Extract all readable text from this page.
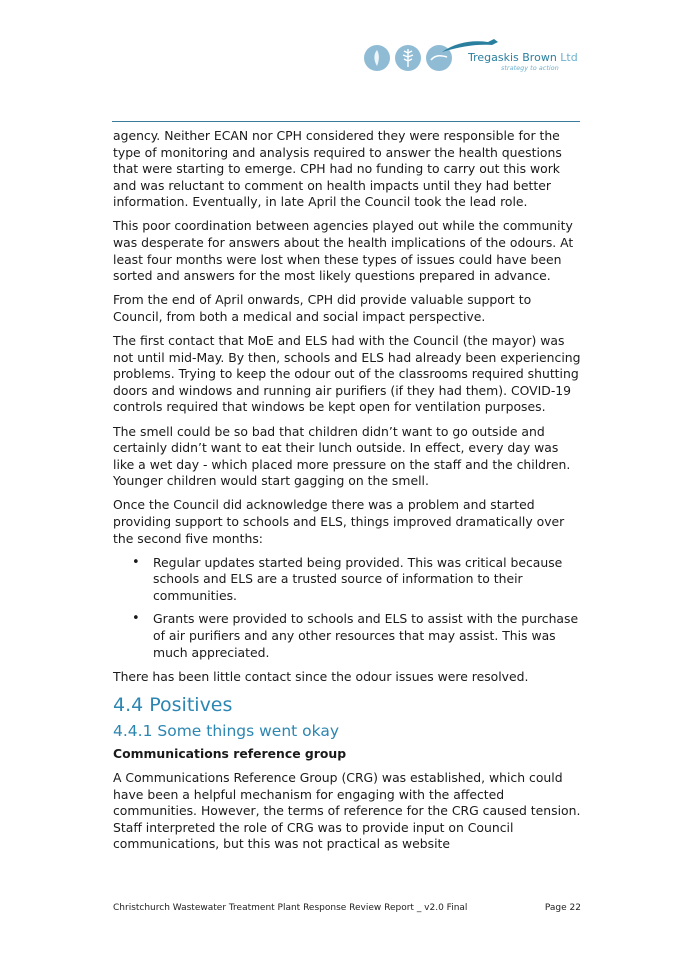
Tregaskis Brown Ltd
strategy to action

agency. Neither ECAN nor CPH considered they were responsible for the type of monitoring and analysis required to answer the health questions that were starting to emerge. CPH had no funding to carry out this work and was reluctant to comment on health impacts until they had better information. Eventually, in late April the Council took the lead role.

This poor coordination between agencies played out while the community was desperate for answers about the health implications of the odours. At least four months were lost when these types of issues could have been sorted and answers for the most likely questions prepared in advance.

From the end of April onwards, CPH did provide valuable support to Council, from both a medical and social impact perspective.

The first contact that MoE and ELS had with the Council (the mayor) was not until mid-May. By then, schools and ELS had already been experiencing problems. Trying to keep the odour out of the classrooms required shutting doors and windows and running air purifiers (if they had them). COVID-19 controls required that windows be kept open for ventilation purposes.

The smell could be so bad that children didn’t want to go outside and certainly didn’t want to eat their lunch outside. In effect, every day was like a wet day - which placed more pressure on the staff and the children. Younger children would start gagging on the smell.

Once the Council did acknowledge there was a problem and started providing support to schools and ELS, things improved dramatically over the second five months:

• Regular updates started being provided. This was critical because schools and ELS are a trusted source of information to their communities.
• Grants were provided to schools and ELS to assist with the purchase of air purifiers and any other resources that may assist. This was much appreciated.

There has been little contact since the odour issues were resolved.

4.4 Positives
4.4.1 Some things went okay

Communications reference group

A Communications Reference Group (CRG) was established, which could have been a helpful mechanism for engaging with the affected communities. However, the terms of reference for the CRG caused tension. Staff interpreted the role of CRG was to provide input on Council communications, but this was not practical as website

Christchurch Wastewater Treatment Plant Response Review Report _ v2.0 Final	Page 22
